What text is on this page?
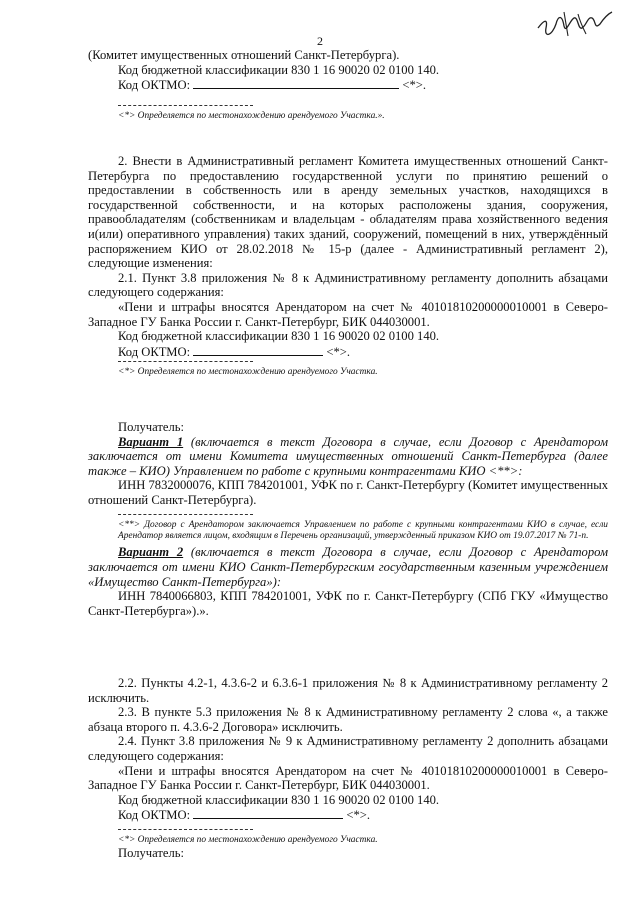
2

(Комитет имущественных отношений Санкт-Петербурга).

Код бюджетной классификации 830 1 16 90020 02 0100 140.

Код ОКТМО:	<*>.

<*> Определяется по местонахождению арендуемого Участка.».

2. Внести в Административный регламент Комитета имущественных отношений Санкт-Петербурга по предоставлению государственной услуги по принятию решений о предоставлении в собственность или в аренду земельных участков, находящихся в государственной собственности, и на которых расположены здания, сооружения, правообладателям (собственникам и владельцам - обладателям права хозяйственного ведения и(или) оперативного управления) таких зданий, сооружений, помещений в них, утверждённый распоряжением КИО от 28.02.2018 № 15-р (далее - Административный регламент 2), следующие изменения:

2.1. Пункт 3.8 приложения № 8 к Административному регламенту дополнить абзацами следующего содержания:

«Пени и штрафы вносятся Арендатором на счет № 40101810200000010001 в Северо-Западное ГУ Банка России г. Санкт-Петербург, БИК 044030001.

Код бюджетной классификации 830 1 16 90020 02 0100 140.

Код ОКТМО:	<*>.

<*> Определяется по местонахождению арендуемого Участка.

Получатель:

Вариант 1 (включается в текст Договора в случае, если Договор с Арендатором заключается от имени Комитета имущественных отношений Санкт-Петербурга (далее также – КИО) Управлением по работе с крупными контрагентами КИО <**>:

ИНН 7832000076, КПП 784201001, УФК по г. Санкт-Петербургу (Комитет имущественных отношений Санкт-Петербурга).

<**> Договор с Арендатором заключается Управлением по работе с крупными контрагентами КИО в случае, если Арендатор является лицом, входящим в Перечень организаций, утвержденный приказом КИО от 19.07.2017 № 71-п.

Вариант 2 (включается в текст Договора в случае, если Договор с Арендатором заключается от имени КИО Санкт-Петербургским государственным казенным учреждением «Имущество Санкт-Петербурга»):

ИНН 7840066803, КПП 784201001, УФК по г. Санкт-Петербургу (СПб ГКУ «Имущество Санкт-Петербурга»).».

2.2. Пункты 4.2-1, 4.3.6-2 и 6.3.6-1 приложения № 8 к Административному регламенту 2 исключить.

2.3. В пункте 5.3 приложения № 8 к Административному регламенту 2 слова «, а также абзаца второго п. 4.3.6-2 Договора» исключить.

2.4. Пункт 3.8 приложения № 9 к Административному регламенту 2 дополнить абзацами следующего содержания:

«Пени и штрафы вносятся Арендатором на счет № 40101810200000010001 в Северо-Западное ГУ Банка России г. Санкт-Петербург, БИК 044030001.

Код бюджетной классификации 830 1 16 90020 02 0100 140.

Код ОКТМО:	<*>.

<*> Определяется по местонахождению арендуемого Участка.

Получатель:
